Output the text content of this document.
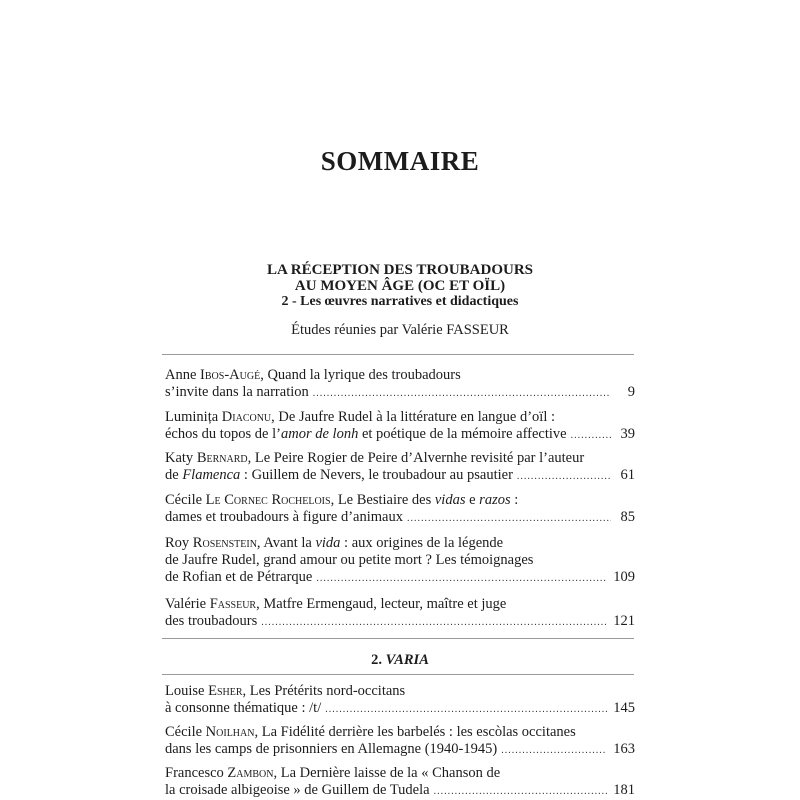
SOMMAIRE
LA RÉCEPTION DES TROUBADOURS
AU MOYEN ÂGE (OC ET OÏL)
2 - Les œuvres narratives et didactiques
Études réunies par Valérie FASSEUR
Anne Ibos-Augé, Quand la lyrique des troubadours
s’invite dans la narration .....	9
Luminița Diaconu, De Jaufre Rudel à la littérature en langue d’oïl :
échos du topos de l’amor de lonh et poétique de la mémoire affective .....	39
Katy Bernard, Le Peire Rogier de Peire d’Alvernhe revisité par l’auteur
de Flamenca : Guillem de Nevers, le troubadour au psautier .....	61
Cécile Le Cornec Rochelois, Le Bestiaire des vidas e razos :
dames et troubadours à figure d’animaux .....	85
Roy Rosenstein, Avant la vida : aux origines de la légende
de Jaufre Rudel, grand amour ou petite mort ? Les témoignages
de Rofian et de Pétrarque .....	109
Valérie Fasseur, Matfre Ermengaud, lecteur, maître et juge
des troubadours .....	121
2. VARIA
Louise Esher, Les Prétérits nord-occitans
à consonne thématique : /t/ .....	145
Cécile Noilhan, La Fidélité derrière les barbelés : les escòlas occitanes
dans les camps de prisonniers en Allemagne (1940-1945) .....	163
Francesco Zambon, La Dernière laisse de la « Chanson de
la croisade albigeoise » de Guillem de Tudela .....	181
